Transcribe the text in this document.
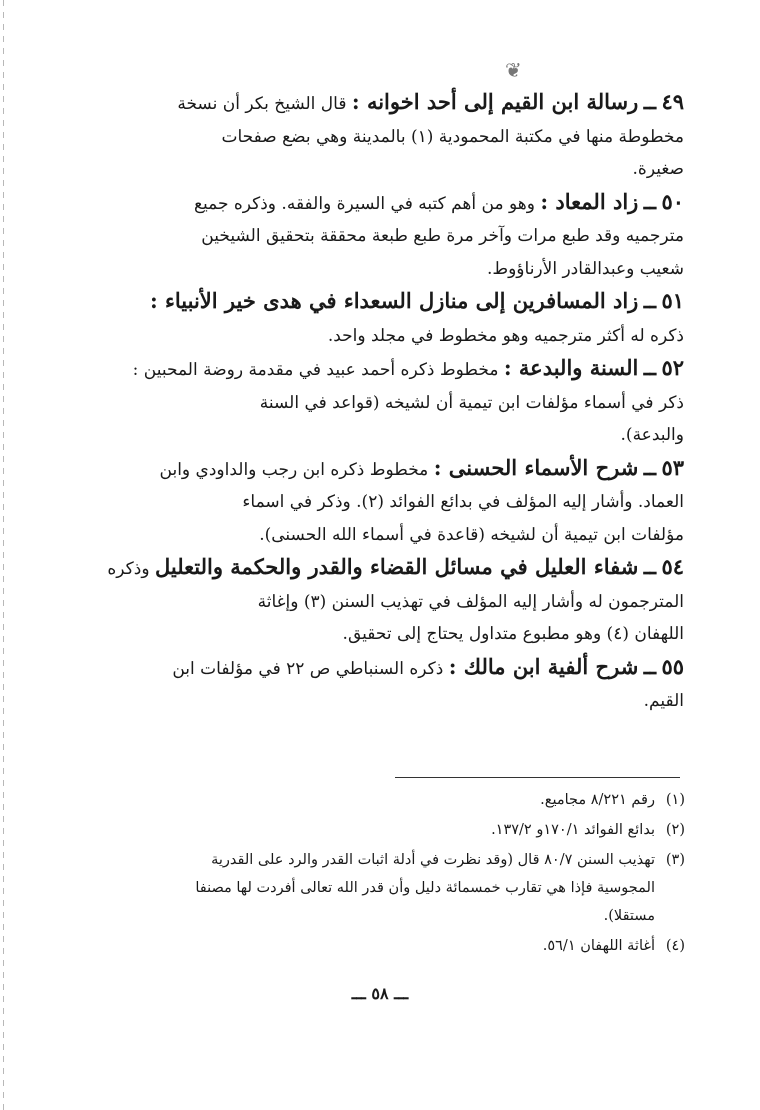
❦

٤٩ ــ رسالة ابن القيم إلى أحد اخوانه : قال الشيخ بكر أن نسخة
مخطوطة منها في مكتبة المحمودية (١) بالمدينة وهي بضع صفحات
صغيرة.

٥٠ ــ زاد المعاد : وهو من أهم كتبه في السيرة والفقه. وذكره جميع
مترجميه وقد طبع مرات وآخر مرة طبع طبعة محققة بتحقيق الشيخين
شعيب وعبدالقادر الأرناؤوط.

٥١ ــ زاد المسافرين إلى منازل السعداء في هدى خير الأنبياء :
ذكره له أكثر مترجميه وهو مخطوط في مجلد واحد.

٥٢ ــ السنة والبدعة : مخطوط ذكره أحمد عبيد في مقدمة روضة المحبين :
ذكر في أسماء مؤلفات ابن تيمية أن لشيخه (قواعد في السنة
والبدعة).

٥٣ ــ شرح الأسماء الحسنى : مخطوط ذكره ابن رجب والداودي وابن
العماد. وأشار إليه المؤلف في بدائع الفوائد (٢). وذكر في اسماء
مؤلفات ابن تيمية أن لشيخه (قاعدة في أسماء الله الحسنى).

٥٤ ــ شفاء العليل في مسائل القضاء والقدر والحكمة والتعليل وذكره
المترجمون له وأشار إليه المؤلف في تهذيب السنن (٣) وإغاثة
اللهفان (٤) وهو مطبوع متداول يحتاج إلى تحقيق.

٥٥ ــ شرح ألفية ابن مالك : ذكره السنباطي ص ٢٢ في مؤلفات ابن
القيم.

(١)رقم ٨/٢٢١ مجاميع.

(٢)بدائع الفوائد ١٧٠/١و ١٣٧/٢.

(٣)تهذيب السنن ٨٠/٧ قال (وقد نظرت في أدلة اثبات القدر والرد على القدرية
المجوسية فإذا هي تقارب خمسمائة دليل وأن قدر الله تعالى أفردت لها مصنفا
مستقلا).

(٤)أغاثة اللهفان ٥٦/١.

ـــ ٥٨ ـــ
